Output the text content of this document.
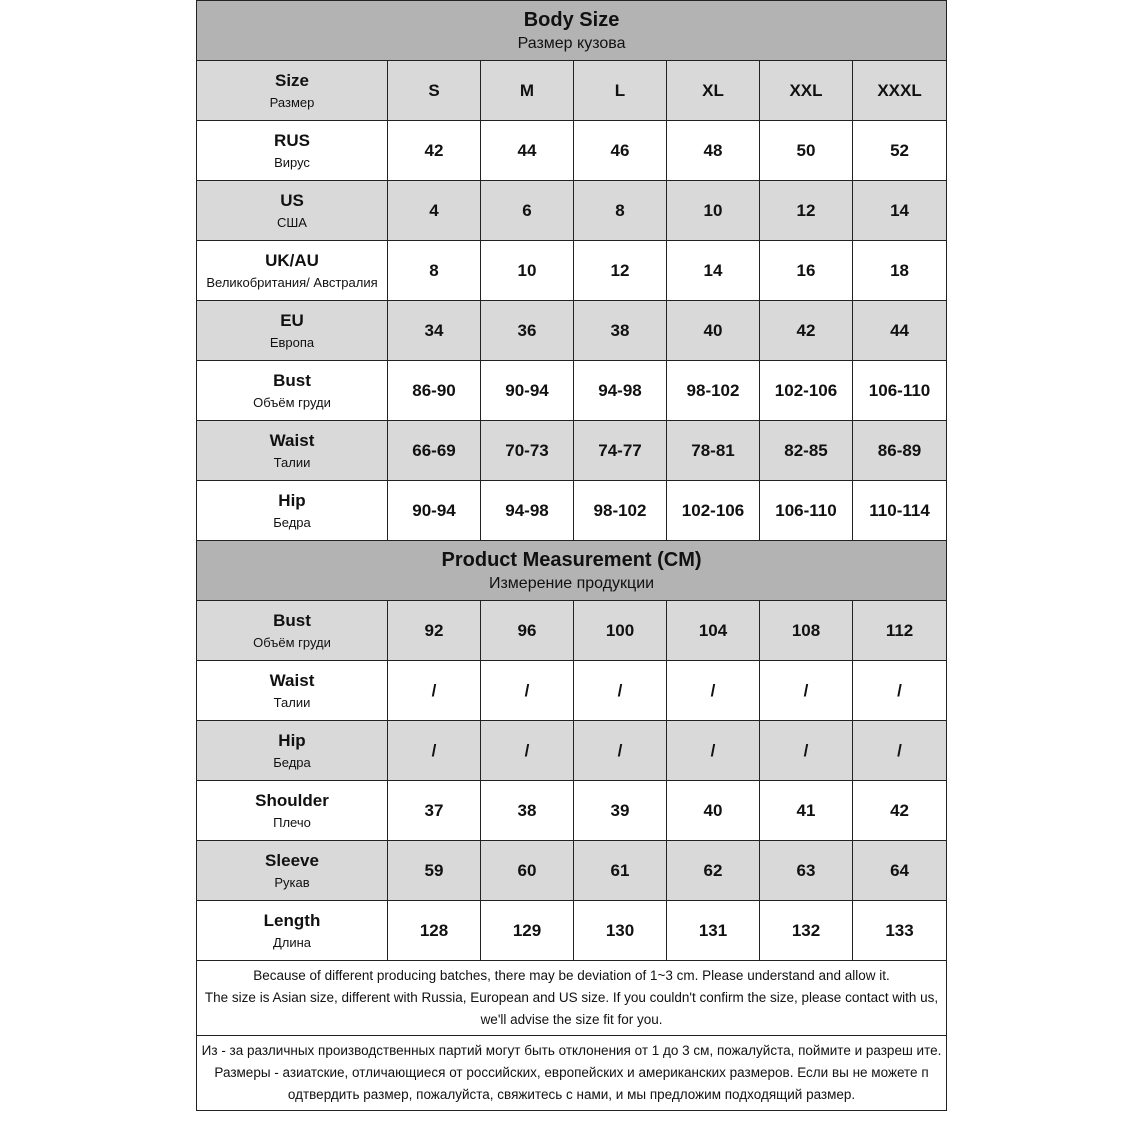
Body Size
Размер кузова						

Size
Размер	S	M	L	XL	XXL	XXXL

RUS
Вирус	42	44	46	48	50	52

US
США	4	6	8	10	12	14

UK/AU
Великобритания/ Австралия	8	10	12	14	16	18

EU
Европа	34	36	38	40	42	44

Bust
Объём груди	86-90	90-94	94-98	98-102	102-106	106-110

Waist
Талии	66-69	70-73	74-77	78-81	82-85	86-89

Hip
Бедра	90-94	94-98	98-102	102-106	106-110	110-114

Product Measurement (CM)
Измерение продукции						

Bust
Объём груди	92	96	100	104	108	112

Waist
Талии	/	/	/	/	/	/

Hip
Бедра	/	/	/	/	/	/

Shoulder
Плечо	37	38	39	40	41	42

Sleeve
Рукав	59	60	61	62	63	64

Length
Длина	128	129	130	131	132	133

Because of different producing batches, there may be deviation of 1~3 cm. Please understand and allow it.

The size is Asian size, different with Russia, European and US size. If you couldn't confirm the size, please contact with us, we'll advise the size fit for you.						

Из - за различных производственных партий могут быть отклонения от 1 до 3 см, пожалуйста, поймите и разреш ите.

Размеры - азиатские, отличающиеся от российских, европейских и американских размеров. Если вы не можете п одтвердить размер, пожалуйста, свяжитесь с нами, и мы предложим подходящий размер.						
